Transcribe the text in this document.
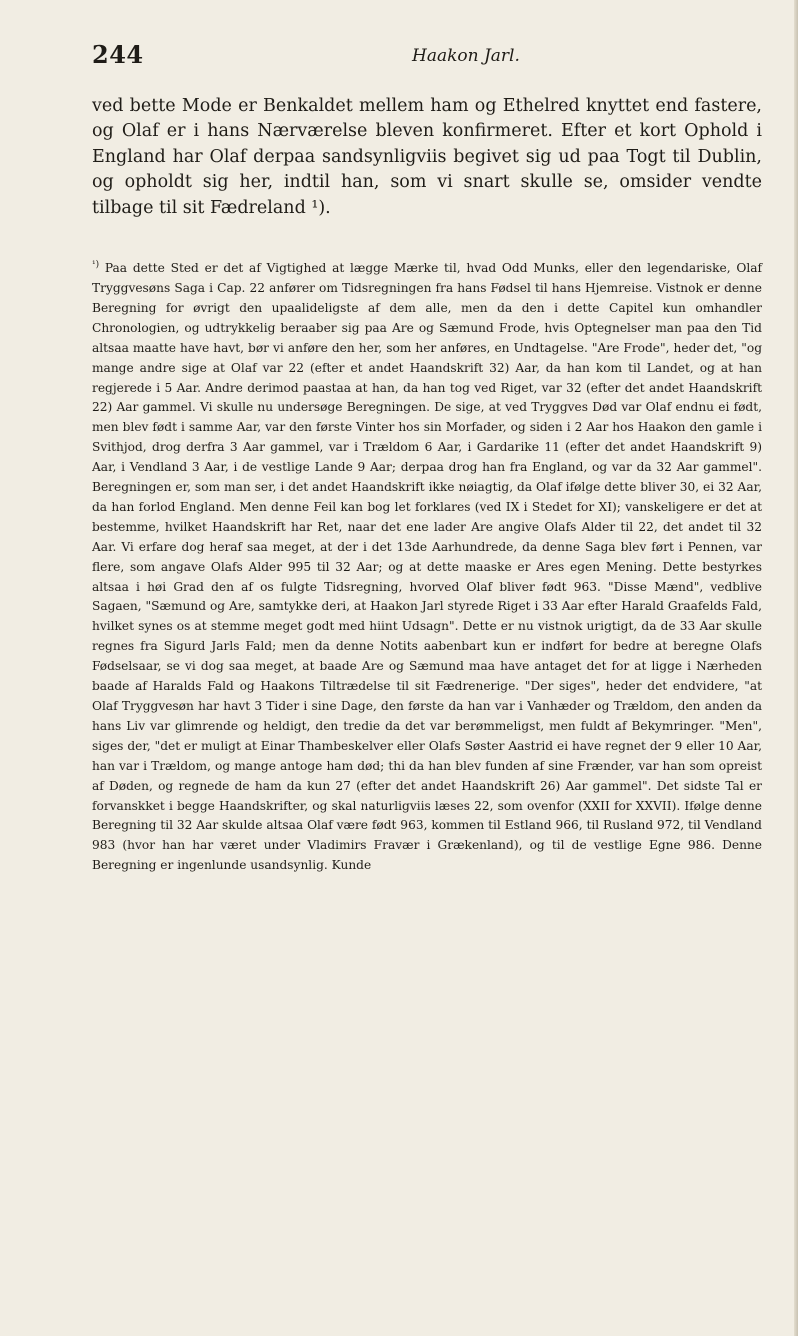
244	Haakon Jarl.

ved bette Mode er Benkaldet mellem ham og Ethelred knyttet end fastere, og Olaf er i hans Nærværelse bleven konfirmeret. Efter et kort Ophold i England har Olaf derpaa sandsynligviis begivet sig ud paa Togt til Dublin, og opholdt sig her, indtil han, som vi snart skulle se, omsider vendte tilbage til sit Fædreland ¹).

$^{^1)}$ Paa dette Sted er det af Vigtighed at lægge Mærke til, hvad Odd Munks, eller den legendariske, Olaf Tryggvesøns Saga i Cap. 22 anfører om Tidsregningen fra hans Fødsel til hans Hjemreise. Vistnok er denne Beregning for øvrigt den upaalideligste af dem alle, men da den i dette Capitel kun omhandler Chronologien, og udtrykkelig beraaber sig paa Are og Sæmund Frode, hvis Optegnelser man paa den Tid altsaa maatte have havt, bør vi anføre den her, som her anføres, en Undtagelse. "Are Frode", heder det, "og mange andre sige at Olaf var 22 (efter et andet Haandskrift 32) Aar, da han kom til Landet, og at han regjerede i 5 Aar. Andre derimod paastaa at han, da han tog ved Riget, var 32 (efter det andet Haandskrift 22) Aar gammel. Vi skulle nu undersøge Beregningen. De sige, at ved Tryggves Død var Olaf endnu ei født, men blev født i samme Aar, var den første Vinter hos sin Morfader, og siden i 2 Aar hos Haakon den gamle i Svithjod, drog derfra 3 Aar gammel, var i Trældom 6 Aar, i Gardarike 11 (efter det andet Haandskrift 9) Aar, i Vendland 3 Aar, i de vestlige Lande 9 Aar; derpaa drog han fra England, og var da 32 Aar gammel". Beregningen er, som man ser, i det andet Haandskrift ikke nøiagtig, da Olaf ifølge dette bliver 30, ei 32 Aar, da han forlod England. Men denne Feil kan bog let forklares (ved IX i Stedet for XI); vanskeligere er det at bestemme, hvilket Haandskrift har Ret, naar det ene lader Are angive Olafs Alder til 22, det andet til 32 Aar. Vi erfare dog heraf saa meget, at der i det 13de Aarhundrede, da denne Saga blev ført i Pennen, var flere, som angave Olafs Alder 995 til 32 Aar; og at dette maaske er Ares egen Mening. Dette bestyrkes altsaa i høi Grad den af os fulgte Tidsregning, hvorved Olaf bliver født 963. "Disse Mænd", vedblive Sagaen, "Sæmund og Are, samtykke deri, at Haakon Jarl styrede Riget i 33 Aar efter Harald Graafelds Fald, hvilket synes os at stemme meget godt med hiint Udsagn". Dette er nu vistnok urigtigt, da de 33 Aar skulle regnes fra Sigurd Jarls Fald; men da denne Notits aabenbart kun er indført for bedre at beregne Olafs Fødselsaar, se vi dog saa meget, at baade Are og Sæmund maa have antaget det for at ligge i Nærheden baade af Haralds Fald og Haakons Tiltrædelse til sit Fædrenerige. "Der siges", heder det endvidere, "at Olaf Tryggvesøn har havt 3 Tider i sine Dage, den første da han var i Vanhæder og Trældom, den anden da hans Liv var glimrende og heldigt, den tredie da det var berømmeligst, men fuldt af Bekymringer. "Men", siges der, "det er muligt at Einar Thambeskelver eller Olafs Søster Aastrid ei have regnet der 9 eller 10 Aar, han var i Trældom, og mange antoge ham død; thi da han blev funden af sine Frænder, var han som opreist af Døden, og regnede de ham da kun 27 (efter det andet Haandskrift 26) Aar gammel". Det sidste Tal er forvanskket i begge Haandskrifter, og skal naturligviis læses 22, som ovenfor (XXII for XXVII). Ifølge denne Beregning til 32 Aar skulde altsaa Olaf være født 963, kommen til Estland 966, til Rusland 972, til Vendland 983 (hvor han har været under Vladimirs Fravær i Grækenland), og til de vestlige Egne 986. Denne Beregning er ingenlunde usandsynlig. Kunde
